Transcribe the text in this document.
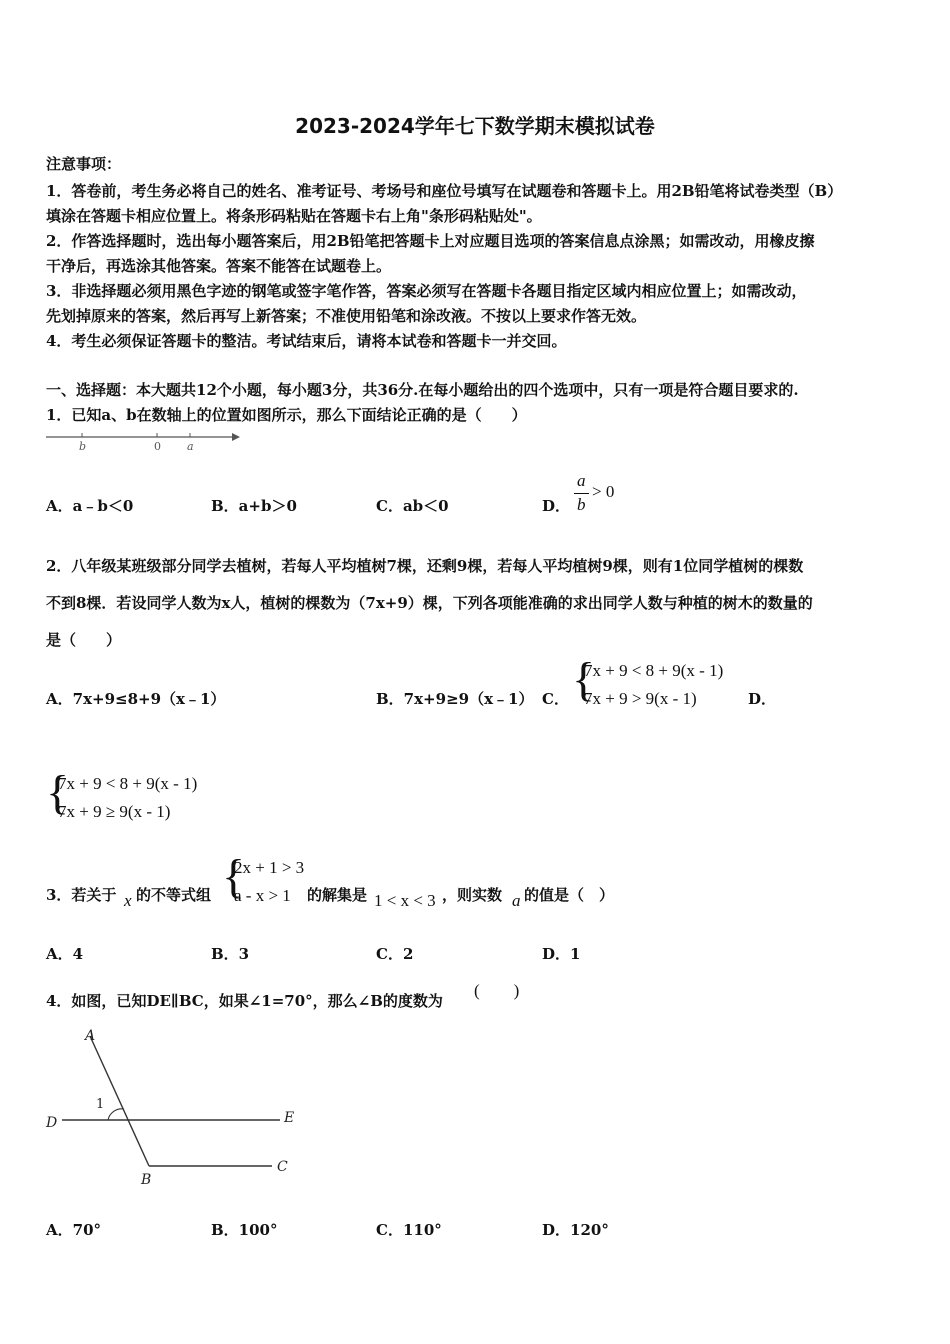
2023-2024学年七下数学期末模拟试卷
注意事项：
1．答卷前，考生务必将自己的姓名、准考证号、考场号和座位号填写在试题卷和答题卡上。用2B铅笔将试卷类型（B）
填涂在答题卡相应位置上。将条形码粘贴在答题卡右上角"条形码粘贴处"。
2．作答选择题时，选出每小题答案后，用2B铅笔把答题卡上对应题目选项的答案信息点涂黑；如需改动，用橡皮擦
干净后，再选涂其他答案。答案不能答在试题卷上。
3．非选择题必须用黑色字迹的钢笔或签字笔作答，答案必须写在答题卡各题目指定区域内相应位置上；如需改动，
先划掉原来的答案，然后再写上新答案；不准使用铅笔和涂改液。不按以上要求作答无效。
4．考生必须保证答题卡的整洁。考试结束后，请将本试卷和答题卡一并交回。
一、选择题：本大题共12个小题，每小题3分，共36分.在每小题给出的四个选项中，只有一项是符合题目要求的.
1．已知a、b在数轴上的位置如图所示，那么下面结论正确的是（　　）
b	0 a
A．a﹣b＜0	B．a+b＞0	C．ab＜0	D．
a
b
> 0
2．八年级某班级部分同学去植树，若每人平均植树7棵，还剩9棵，若每人平均植树9棵，则有1位同学植树的棵数
不到8棵．若设同学人数为x人，植树的棵数为（7x+9）棵，下列各项能准确的求出同学人数与种植的树木的数量的
是（　　）
A．7x+9≤8+9（x﹣1）	B．7x+9≥9（x﹣1） C． {
7x + 9 < 8 + 9(x - 1)
7x + 9 > 9(x - 1)	D．
{
7x + 9 < 8 + 9(x - 1)
7x + 9 ≥ 9(x - 1)
3．若关于 x 的不等式组 {
2x + 1 > 3
a - x > 1 的解集是 1 < x < 3 ，则实数 a 的值是（　）
A．4	B．3	C．2	D．1
4．如图，已知DE∥BC，如果∠1=70°，那么∠B的度数为
(　　)
A
D	E
B
C
1
A．70°	B．100°	C．110°	D．120°
